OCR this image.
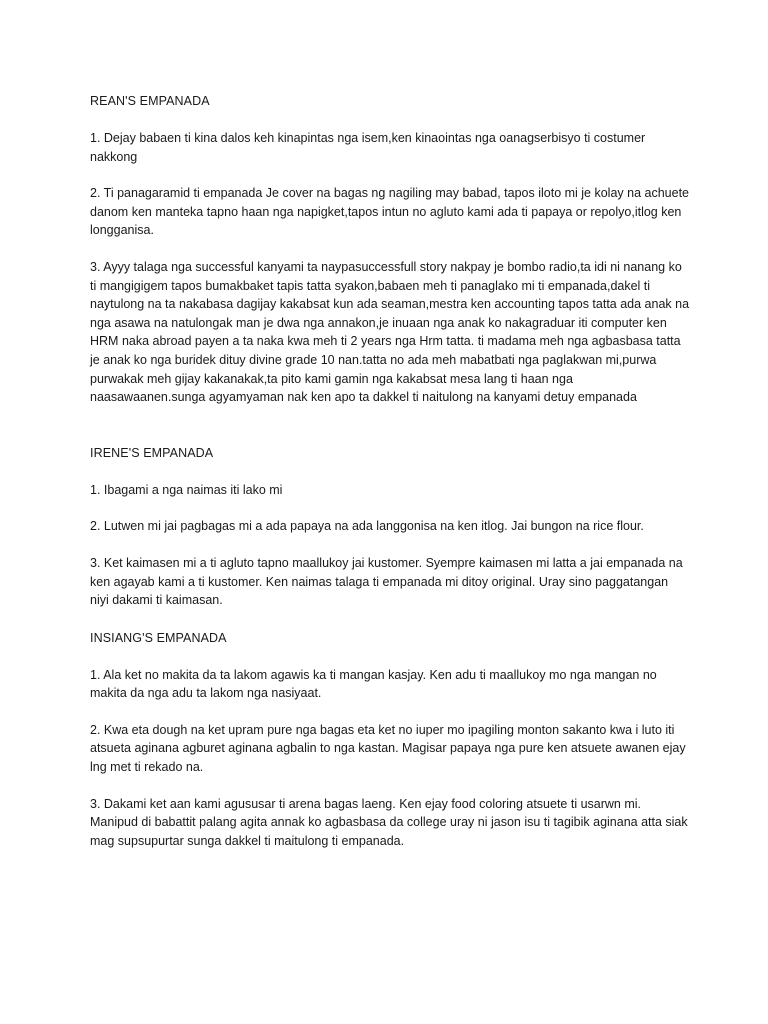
REAN'S EMPANADA

1. Dejay babaen ti kina dalos keh kinapintas nga isem,ken kinaointas nga oanagserbisyo ti costumer nakkong

2. Ti panagaramid ti empanada Je cover na bagas ng nagiling may babad, tapos iloto mi je kolay na achuete danom ken manteka tapno haan nga napigket,tapos intun no agluto kami ada ti papaya or repolyo,itlog ken longganisa.

3. Ayyy talaga nga successful kanyami ta naypasuccessfull story nakpay je bombo radio,ta idi ni nanang ko ti mangigigem tapos bumakbaket tapis tatta syakon,babaen meh ti panaglako mi ti empanada,dakel ti naytulong na ta nakabasa dagijay kakabsat kun ada seaman,mestra ken accounting tapos tatta ada anak na nga asawa na natulongak man je dwa nga annakon,je inuaan nga anak ko nakagraduar iti computer ken HRM naka abroad payen a ta naka kwa meh ti 2 years nga Hrm tatta. ti madama meh nga agbasbasa tatta je anak ko nga buridek dituy divine grade 10 nan.tatta no ada meh mabatbati nga paglakwan mi,purwa purwakak meh gijay kakanakak,ta pito kami gamin nga kakabsat mesa lang ti haan nga naasawaanen.sunga agyamyaman nak ken apo ta dakkel ti naitulong na kanyami detuy empanada

IRENE'S EMPANADA

1. Ibagami a nga naimas iti lako mi

2. Lutwen mi jai pagbagas mi a ada papaya na ada langgonisa na ken itlog. Jai bungon na rice flour.

3. Ket kaimasen mi a ti agluto tapno maallukoy jai kustomer. Syempre kaimasen mi latta a jai empanada na ken agayab kami a ti kustomer. Ken naimas talaga ti empanada mi ditoy original. Uray sino paggatangan niyi dakami ti kaimasan.

INSIANG'S EMPANADA

1. Ala ket no makita da ta lakom agawis ka ti mangan kasjay. Ken adu ti maallukoy mo nga mangan no makita da nga adu ta lakom nga nasiyaat.

2. Kwa eta dough na ket upram pure nga bagas eta ket no iuper mo ipagiling monton sakanto kwa i luto iti atsueta aginana agburet aginana agbalin to nga kastan. Magisar papaya nga pure ken atsuete awanen ejay lng met ti rekado na.

3. Dakami ket aan kami agususar ti arena bagas laeng. Ken ejay food coloring atsuete ti usarwn mi. Manipud di babattit palang agita annak ko agbasbasa da college uray ni jason isu ti tagibik aginana atta siak mag supsupurtar sunga dakkel ti maitulong ti empanada.
